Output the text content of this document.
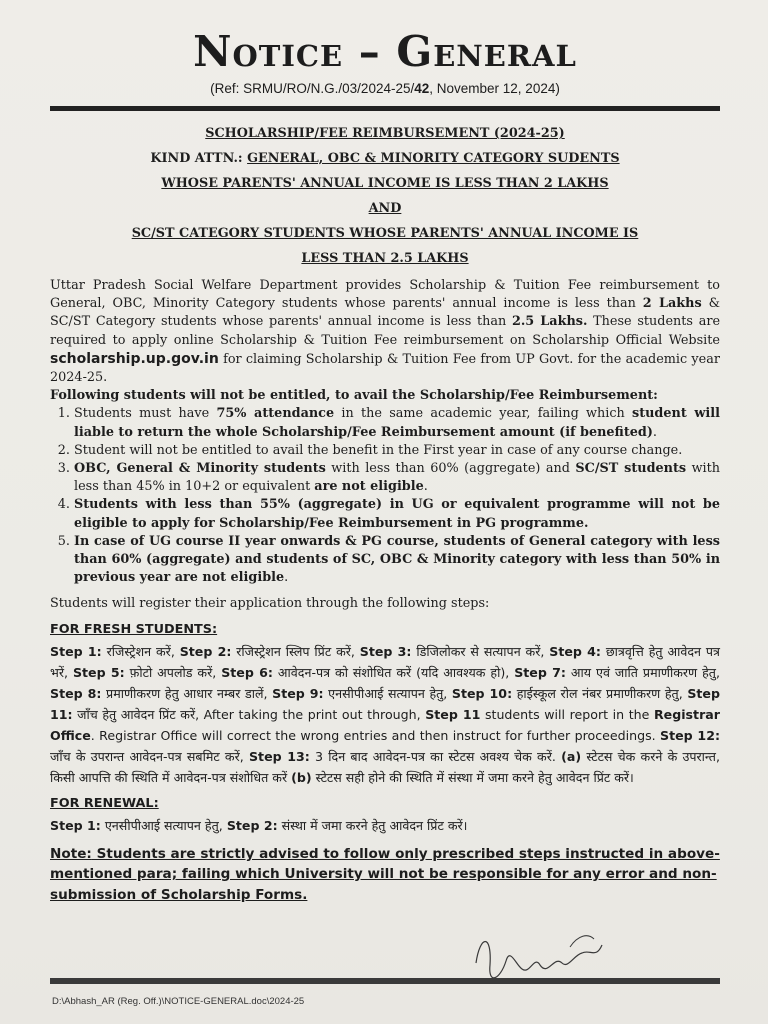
Notice – General
(Ref: SRMU/RO/N.G./03/2024-25/42, November 12, 2024)

SCHOLARSHIP/FEE REIMBURSEMENT (2024-25)

KIND ATTN.: GENERAL, OBC & MINORITY CATEGORY SUDENTS

WHOSE PARENTS' ANNUAL INCOME IS LESS THAN 2 LAKHS

AND

SC/ST CATEGORY STUDENTS WHOSE PARENTS' ANNUAL INCOME IS

LESS THAN 2.5 LAKHS

Uttar Pradesh Social Welfare Department provides Scholarship & Tuition Fee reimbursement to General, OBC, Minority Category students whose parents' annual income is less than 2 Lakhs & SC/ST Category students whose parents' annual income is less than 2.5 Lakhs. These students are required to apply online Scholarship & Tuition Fee reimbursement on Scholarship Official Website scholarship.up.gov.in for claiming Scholarship & Tuition Fee from UP Govt. for the academic year 2024-25.

Following students will not be entitled, to avail the Scholarship/Fee Reimbursement:

1. Students must have 75% attendance in the same academic year, failing which student will liable to return the whole Scholarship/Fee Reimbursement amount (if benefited).
2. Student will not be entitled to avail the benefit in the First year in case of any course change.
3. OBC, General & Minority students with less than 60% (aggregate) and SC/ST students with less than 45% in 10+2 or equivalent are not eligible.
4. Students with less than 55% (aggregate) in UG or equivalent programme will not be eligible to apply for Scholarship/Fee Reimbursement in PG programme.
5. In case of UG course II year onwards & PG course, students of General category with less than 60% (aggregate) and students of SC, OBC & Minority category with less than 50% in previous year are not eligible.

Students will register their application through the following steps:

FOR FRESH STUDENTS:

Step 1: रजिस्ट्रेशन करें, Step 2: रजिस्ट्रेशन स्लिप प्रिंट करें, Step 3: डिजिलोकर से सत्यापन करें, Step 4: छात्रवृत्ति हेतु आवेदन पत्र भरें, Step 5: फ़ोटो अपलोड करें, Step 6: आवेदन-पत्र को संशोधित करें (यदि आवश्यक हो), Step 7: आय एवं जाति प्रमाणीकरण हेतु, Step 8: प्रमाणीकरण हेतु आधार नम्बर डालें, Step 9: एनसीपीआई सत्यापन हेतु, Step 10: हाईस्कूल रोल नंबर प्रमाणीकरण हेतु, Step 11: जाँच हेतु आवेदन प्रिंट करें, After taking the print out through, Step 11 students will report in the Registrar Office. Registrar Office will correct the wrong entries and then instruct for further proceedings. Step 12: जाँच के उपरान्त आवेदन-पत्र सबमिट करें, Step 13: 3 दिन बाद आवेदन-पत्र का स्टेटस अवश्य चेक करें. (a) स्टेटस चेक करने के उपरान्त, किसी आपत्ति की स्थिति में आवेदन-पत्र संशोधित करें (b) स्टेटस सही होने की स्थिति में संस्था में जमा करने हेतु आवेदन प्रिंट करें।

FOR RENEWAL:

Step 1: एनसीपीआई सत्यापन हेतु, Step 2: संस्था में जमा करने हेतु आवेदन प्रिंट करें।

Note: Students are strictly advised to follow only prescribed steps instructed in above-mentioned para; failing which University will not be responsible for any error and non-submission of Scholarship Forms.

D:\Abhash_AR (Reg. Off.)\NOTICE-GENERAL.doc\2024-25
